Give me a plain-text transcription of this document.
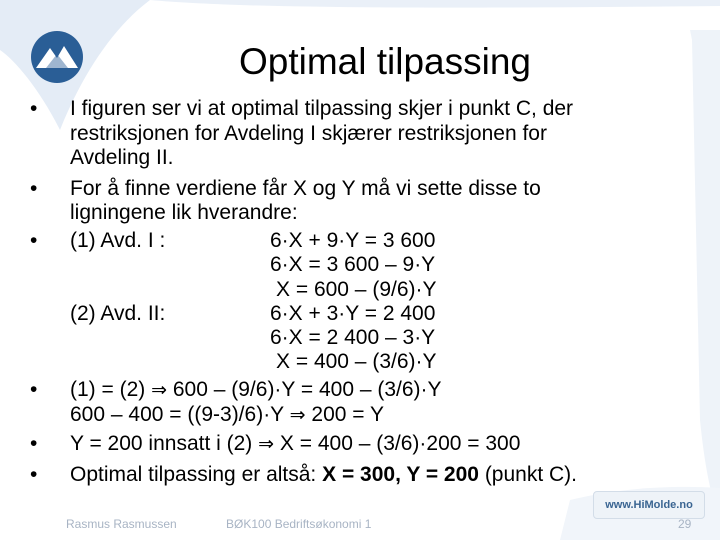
Optimal tilpassing
• I figuren ser vi at optimal tilpassing skjer i punkt C, der
restriksjonen for Avdeling I skjærer restriksjonen for
Avdeling II.
• For å finne verdiene får X og Y må vi sette disse to
ligningene lik hverandre:
• (1) Avd. I :	6·X + 9·Y = 3 600
6·X = 3 600 – 9·Y
X = 600 – (9/6)·Y
(2) Avd. II:	6·X + 3·Y = 2 400
6·X = 2 400 – 3·Y
X = 400 – (3/6)·Y
• (1) = (2) ⇒ 600 – (9/6)·Y = 400 – (3/6)·Y
600 – 400 = ((9-3)/6)·Y ⇒ 200 = Y
• Y = 200 innsatt i (2) ⇒ X = 400 – (3/6)·200 = 300
• Optimal tilpassing er altså: X = 300, Y = 200 (punkt C).
www.HiMolde.no
Rasmus Rasmussen	BØK100 Bedriftsøkonomi 1	29
